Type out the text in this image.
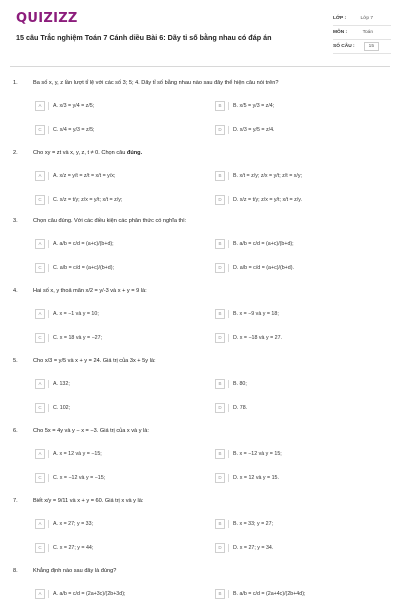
QUIZIZZ
15 câu Trắc nghiệm Toán 7 Cánh diều Bài 6: Dãy tỉ số bằng nhau có đáp án
LỚP :	Lớp 7
MÔN :	Toán
SỐ CÂU :	15
1.	Ba số x, y, z lần lượt tỉ lệ với các số 3; 5; 4. Dãy tỉ số bằng nhau nào sau đây thể hiện câu nói trên?
A	A. x/3 = y/4 = z/5;	B	B. x/5 = y/3 = z/4;
C	C. x/4 = y/3 = z/5;	D	D. x/3 = y/5 = z/4.
2.	Cho xy = zt và x, y, z, t ≠ 0. Chọn câu đúng.
A	A. x/z = y/t = z/t = x/t = y/x;	B	B. x/t = z/y; z/x = y/t; z/t = x/y;
C	C. x/z = t/y; z/x = y/t; x/t = z/y;	D	D. x/z = t/y; z/x = y/t; x/t = z/y.
3.	Chọn câu đúng. Với các điều kiện các phân thức có nghĩa thì:
A	A. a/b = c/d = (a+c)/(b+d);	B	B. a/b = c/d = (a+c)/(b+d);
C	C. a/b = c/d = (a+c)/(b+d);	D	D. a/b = c/d = (a+c)/(b+d).
4.	Hai số x, y thoả mãn x/2 = y/-3 và x + y = 9 là:
A	A. x = −1 và y = 10;	B	B. x = −9 và y = 18;
C	C. x = 18 và y = −27;	D	D. x = −18 và y = 27.
5.	Cho x/3 = y/5 và x + y = 24. Giá trị của 3x + 5y là:
A	A. 132;	B	B. 80;
C	C. 102;	D	D. 78.
6.	Cho 5x = 4y và y − x = −3. Giá trị của x và y là:
A	A. x = 12 và y = −15;	B	B. x = −12 và y = 15;
C	C. x = −12 và y = −15;	D	D. x = 12 và y = 15.
7.	Biết x/y = 9/11 và x + y = 60. Giá trị x và y là:
A	A. x = 27; y = 33;	B	B. x = 33; y = 27;
C	C. x = 27; y = 44;	D	D. x = 27; y = 34.
8.	Khẳng định nào sau đây là đúng?
A	A. a/b = c/d = (2a+3c)/(2b+3d);	B	B. a/b = c/d = (2a+4c)/(2b+4d);
